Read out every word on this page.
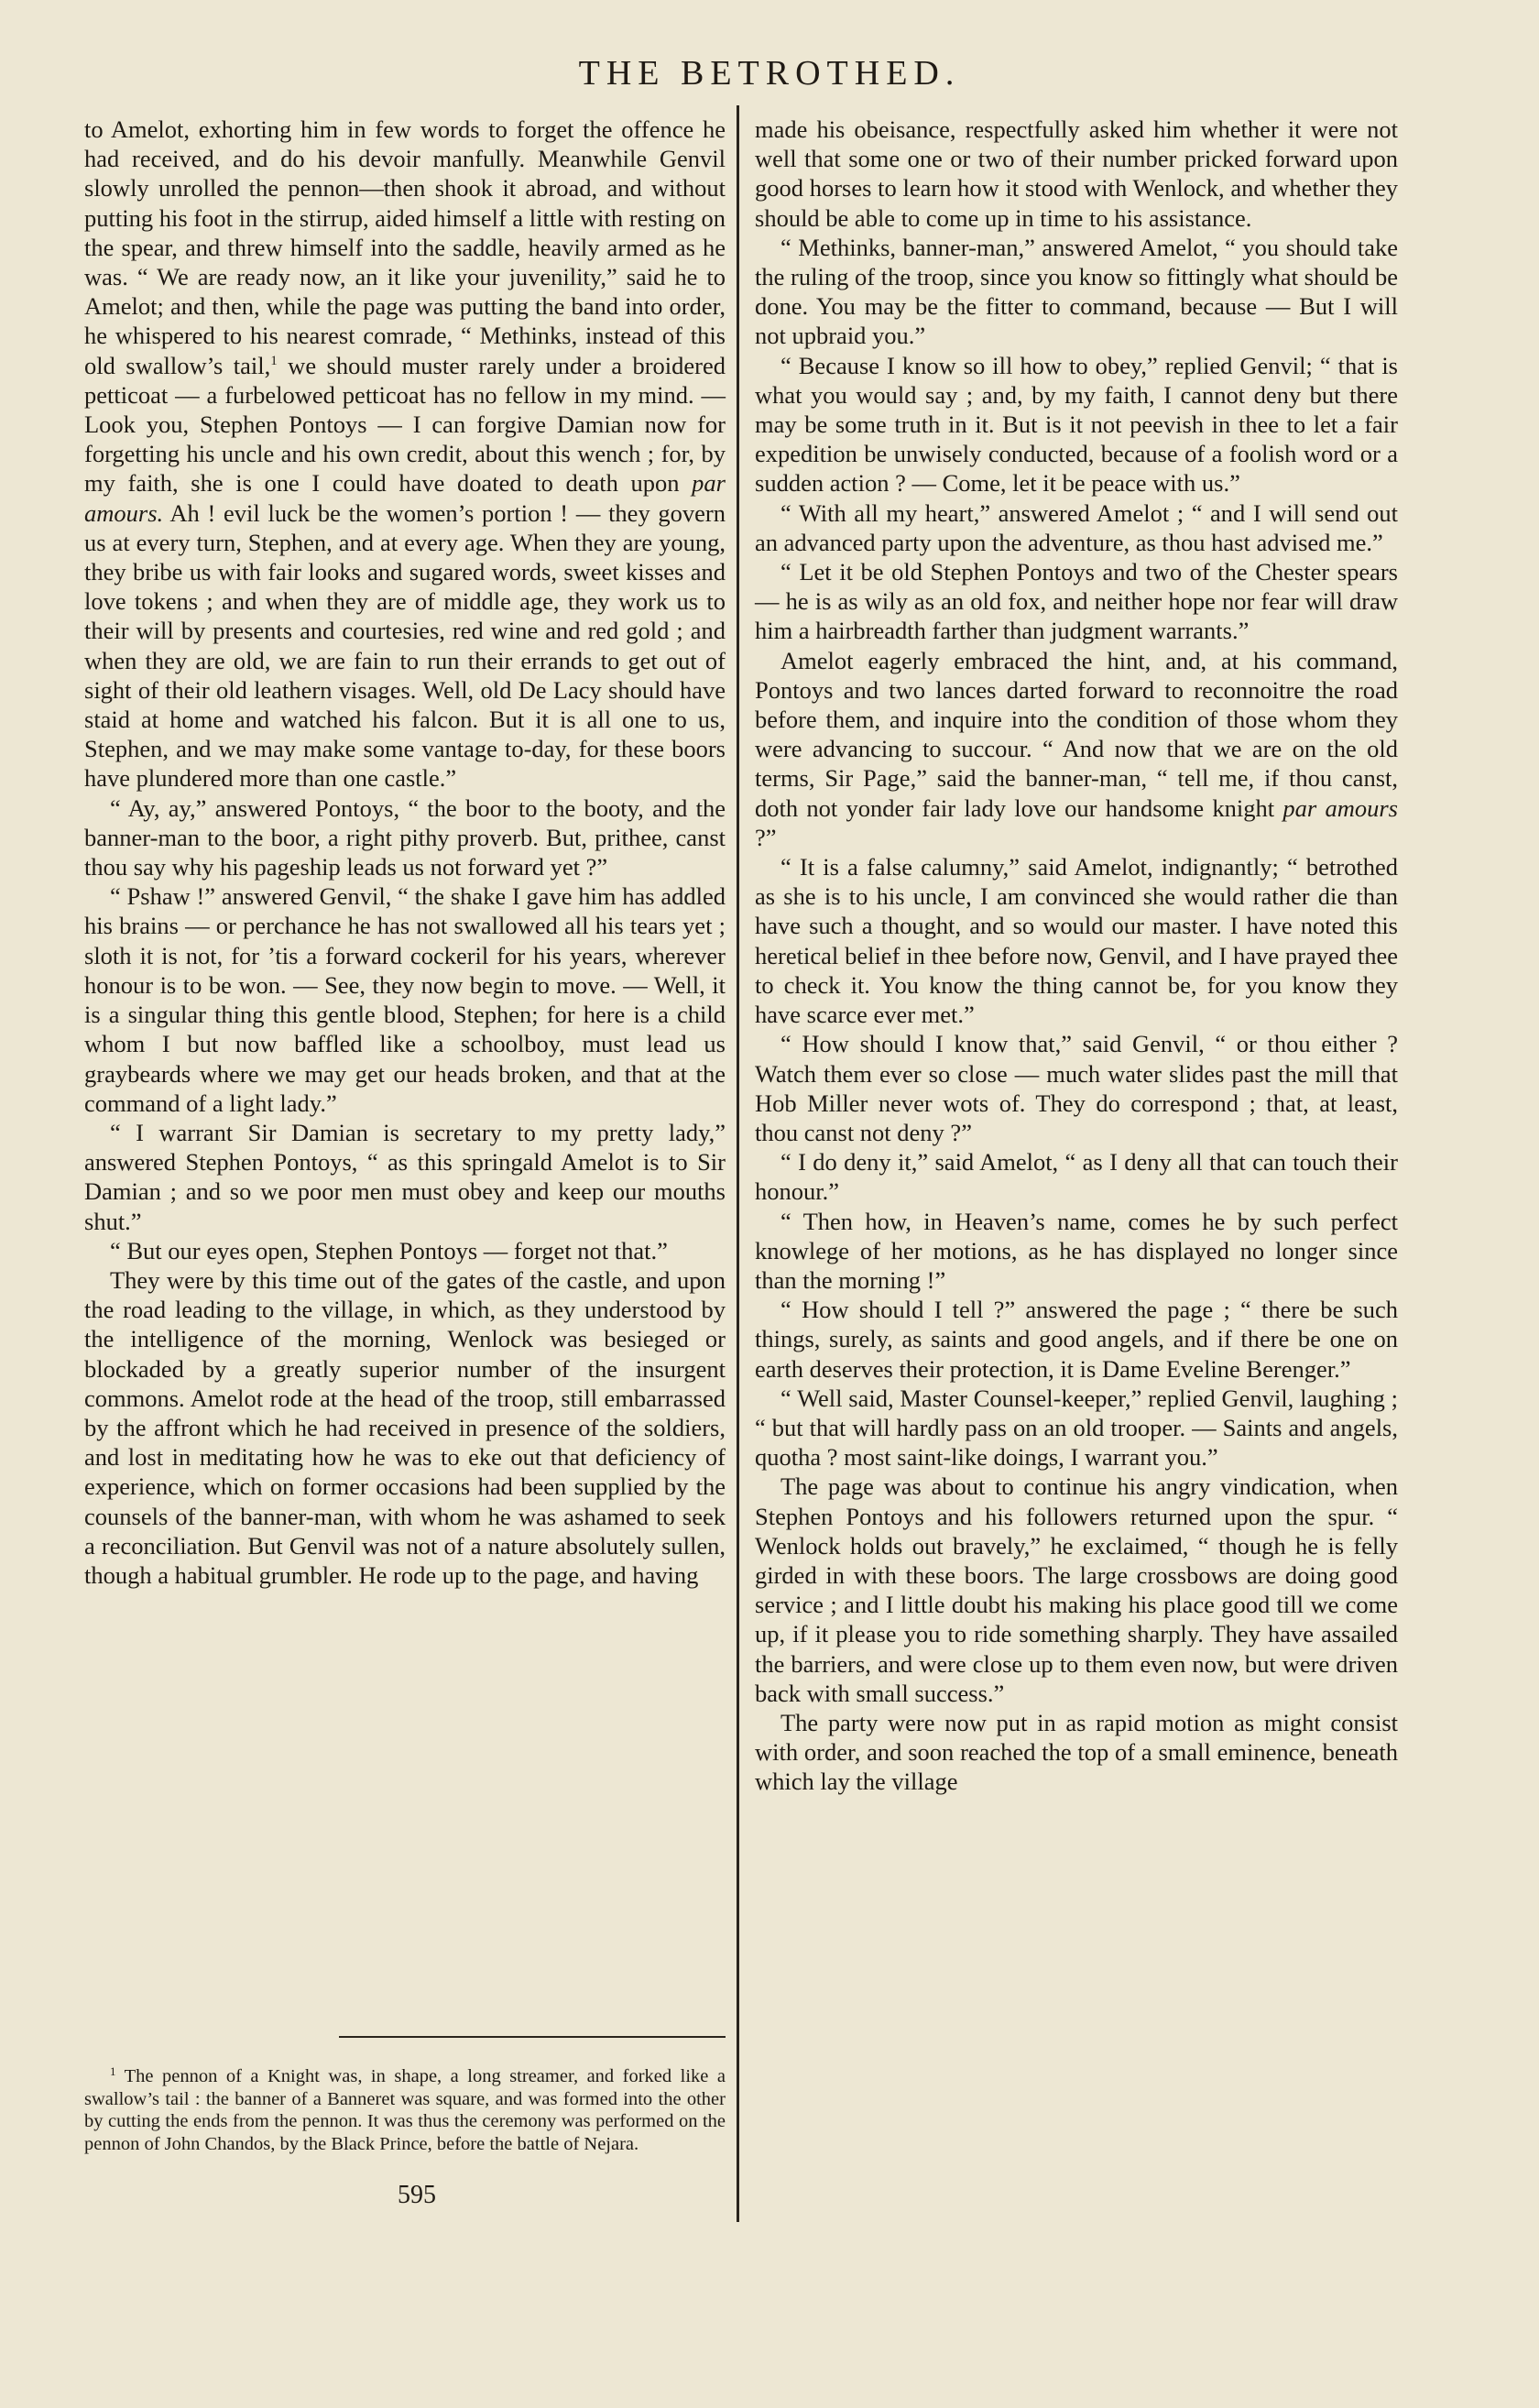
THE BETROTHED.

to Amelot, exhorting him in few words to forget the offence he had received, and do his devoir manfully. Meanwhile Genvil slowly unrolled the pennon—then shook it abroad, and without putting his foot in the stirrup, aided himself a little with resting on the spear, and threw himself into the saddle, heavily armed as he was. “ We are ready now, an it like your juvenility,” said he to Amelot; and then, while the page was putting the band into order, he whispered to his nearest comrade, “ Methinks, instead of this old swallow’s tail,$^1$ we should muster rarely under a broidered petticoat — a furbelowed petticoat has no fellow in my mind. — Look you, Stephen Pontoys — I can forgive Damian now for forgetting his uncle and his own credit, about this wench ; for, by my faith, she is one I could have doated to death upon par amours. Ah ! evil luck be the women’s portion ! — they govern us at every turn, Stephen, and at every age. When they are young, they bribe us with fair looks and sugared words, sweet kisses and love tokens ; and when they are of middle age, they work us to their will by presents and courtesies, red wine and red gold ; and when they are old, we are fain to run their errands to get out of sight of their old leathern visages. Well, old De Lacy should have staid at home and watched his falcon. But it is all one to us, Stephen, and we may make some vantage to-day, for these boors have plundered more than one castle.”

“ Ay, ay,” answered Pontoys, “ the boor to the booty, and the banner-man to the boor, a right pithy proverb. But, prithee, canst thou say why his pageship leads us not forward yet ?”

“ Pshaw !” answered Genvil, “ the shake I gave him has addled his brains — or perchance he has not swallowed all his tears yet ; sloth it is not, for ’tis a forward cockeril for his years, wherever honour is to be won. — See, they now begin to move. — Well, it is a singular thing this gentle blood, Stephen; for here is a child whom I but now baffled like a schoolboy, must lead us graybeards where we may get our heads broken, and that at the command of a light lady.”

“ I warrant Sir Damian is secretary to my pretty lady,” answered Stephen Pontoys, “ as this springald Amelot is to Sir Damian ; and so we poor men must obey and keep our mouths shut.”

“ But our eyes open, Stephen Pontoys — forget not that.”

They were by this time out of the gates of the castle, and upon the road leading to the village, in which, as they understood by the intelligence of the morning, Wenlock was besieged or blockaded by a greatly superior number of the insurgent commons. Amelot rode at the head of the troop, still embarrassed by the affront which he had received in presence of the soldiers, and lost in meditating how he was to eke out that deficiency of experience, which on former occasions had been supplied by the counsels of the banner-man, with whom he was ashamed to seek a reconciliation. But Genvil was not of a nature absolutely sullen, though a habitual grumbler. He rode up to the page, and having

made his obeisance, respectfully asked him whether it were not well that some one or two of their number pricked forward upon good horses to learn how it stood with Wenlock, and whether they should be able to come up in time to his assistance.

“ Methinks, banner-man,” answered Amelot, “ you should take the ruling of the troop, since you know so fittingly what should be done. You may be the fitter to command, because — But I will not upbraid you.”

“ Because I know so ill how to obey,” replied Genvil; “ that is what you would say ; and, by my faith, I cannot deny but there may be some truth in it. But is it not peevish in thee to let a fair expedition be unwisely conducted, because of a foolish word or a sudden action ? — Come, let it be peace with us.”

“ With all my heart,” answered Amelot ; “ and I will send out an advanced party upon the adventure, as thou hast advised me.”

“ Let it be old Stephen Pontoys and two of the Chester spears — he is as wily as an old fox, and neither hope nor fear will draw him a hairbreadth farther than judgment warrants.”

Amelot eagerly embraced the hint, and, at his command, Pontoys and two lances darted forward to reconnoitre the road before them, and inquire into the condition of those whom they were advancing to succour. “ And now that we are on the old terms, Sir Page,” said the banner-man, “ tell me, if thou canst, doth not yonder fair lady love our handsome knight par amours ?”

“ It is a false calumny,” said Amelot, indignantly; “ betrothed as she is to his uncle, I am convinced she would rather die than have such a thought, and so would our master. I have noted this heretical belief in thee before now, Genvil, and I have prayed thee to check it. You know the thing cannot be, for you know they have scarce ever met.”

“ How should I know that,” said Genvil, “ or thou either ? Watch them ever so close — much water slides past the mill that Hob Miller never wots of. They do correspond ; that, at least, thou canst not deny ?”

“ I do deny it,” said Amelot, “ as I deny all that can touch their honour.”

“ Then how, in Heaven’s name, comes he by such perfect knowlege of her motions, as he has displayed no longer since than the morning !”

“ How should I tell ?” answered the page ; “ there be such things, surely, as saints and good angels, and if there be one on earth deserves their protection, it is Dame Eveline Berenger.”

“ Well said, Master Counsel-keeper,” replied Genvil, laughing ; “ but that will hardly pass on an old trooper. — Saints and angels, quotha ? most saint-like doings, I warrant you.”

The page was about to continue his angry vindication, when Stephen Pontoys and his followers returned upon the spur. “ Wenlock holds out bravely,” he exclaimed, “ though he is felly girded in with these boors. The large crossbows are doing good service ; and I little doubt his making his place good till we come up, if it please you to ride something sharply. They have assailed the barriers, and were close up to them even now, but were driven back with small success.”

The party were now put in as rapid motion as might consist with order, and soon reached the top of a small eminence, beneath which lay the village

$^1$ The pennon of a Knight was, in shape, a long streamer, and forked like a swallow’s tail : the banner of a Banneret was square, and was formed into the other by cutting the ends from the pennon. It was thus the ceremony was performed on the pennon of John Chandos, by the Black Prince, before the battle of Nejara.

595
